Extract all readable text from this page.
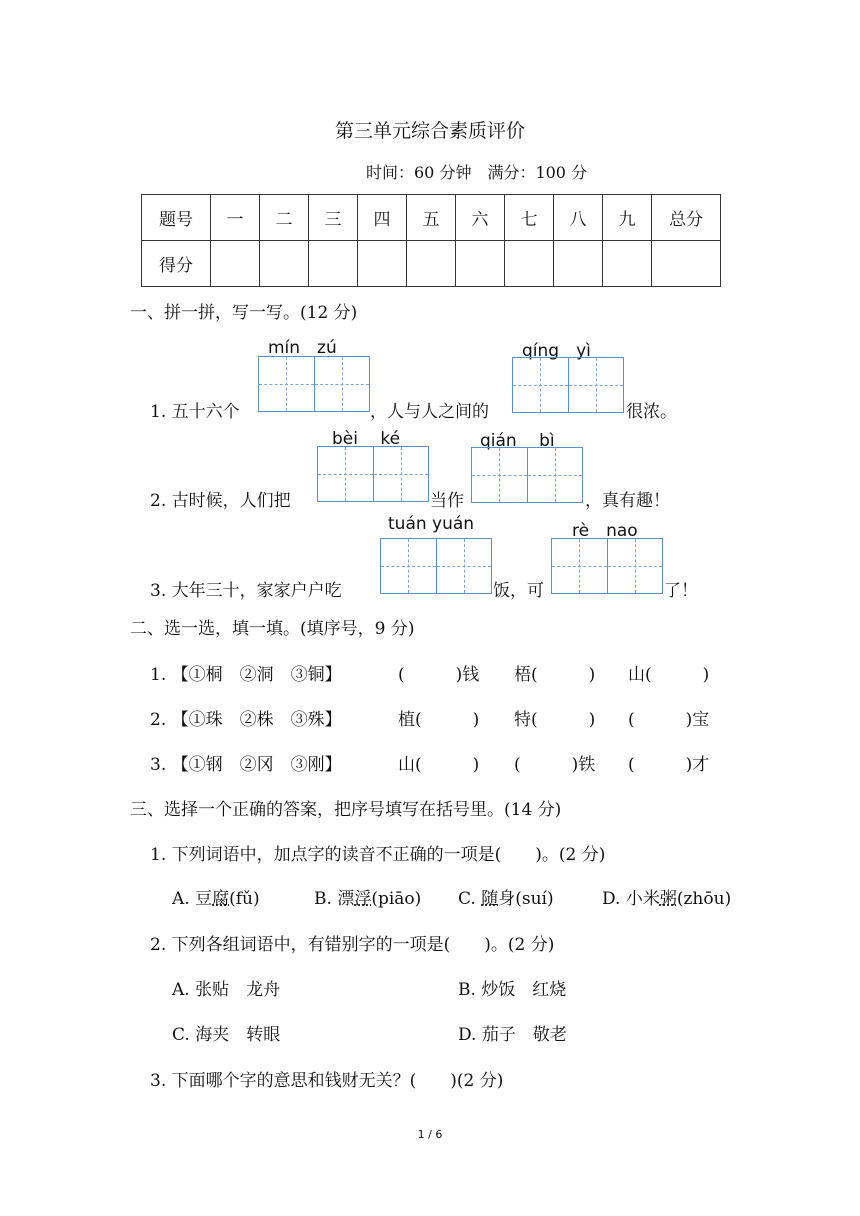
第三单元综合素质评价
时间：60 分钟　满分：100 分
题号	一	二	三	四	五	六	七	八	九	总分
得分										
一、拼一拼，写一写。(12 分)
mín　zú	qíng　yì
1. 五十六个	，人与人之间的	很浓。
bèi　 ké	qián　 bì
2. 古时候，人们把	当作	，真有趣！
tuán yuán	rè　nao
3. 大年三十，家家户户吃	饭，可	了！
二、选一选，填一填。(填序号，9 分)
1. 【①桐　②洞　③铜】	(　　　)钱 梧(　　　) 山(　　　)
2. 【①珠　②株　③殊】	植(　　　) 特(　　　) (　　　)宝
3. 【①钢　②冈　③刚】	山(　　　) (　　　)铁 (　　　)才
三、选择一个正确的答案，把序号填写在括号里。(14 分)
1. 下列词语中，加点字的读音不正确的一项是(　　)。(2 分)
A. 豆腐(fǔ)	B. 漂浮(piāo) C. 随身(suí)	D. 小米粥(zhōu)
2. 下列各组词语中，有错别字的一项是(　　)。(2 分)
A. 张贴　龙舟	B. 炒饭　红烧
C. 海夹　转眼	D. 茄子　敬老
3. 下面哪个字的意思和钱财无关？(　　)(2 分)
1 / 6
